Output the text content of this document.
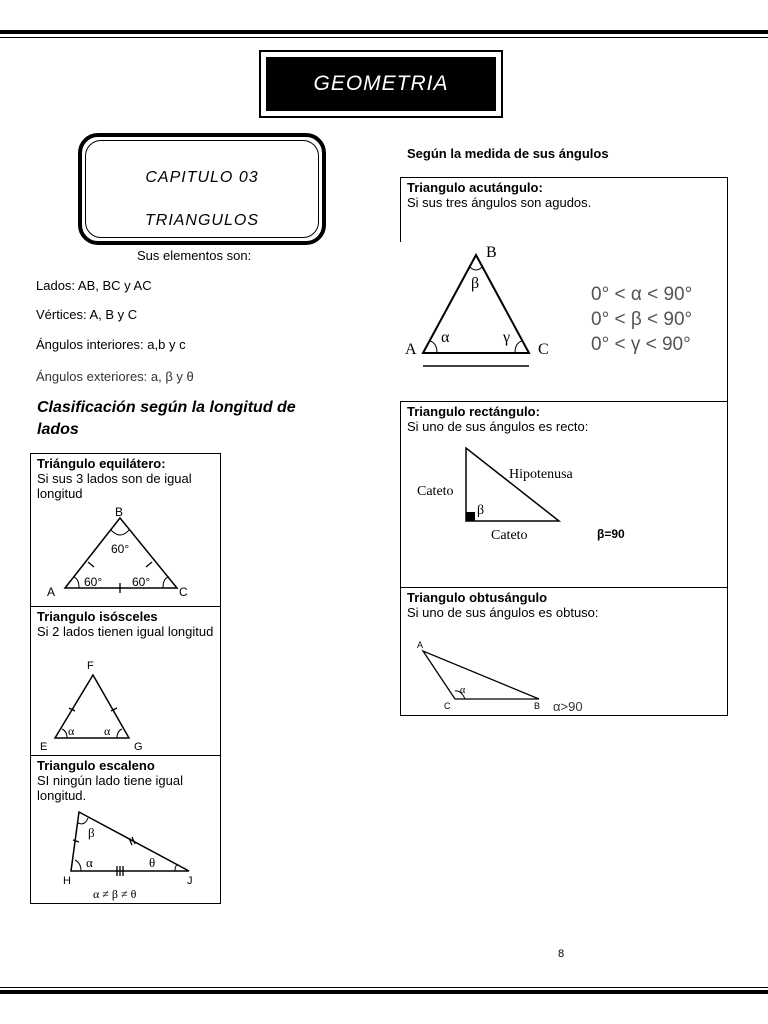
GEOMETRIA
CAPITULO 03
TRIANGULOS
Sus elementos son:
Lados: AB, BC y AC
Vértices: A, B y C
Ángulos interiores: a,b y c
Ángulos exteriores: a, β y θ
Clasificación según la longitud de lados
Triángulo equilátero:
Si sus 3 lados son de igual longitud
B
A	C
60°
60° 60°
Triangulo isósceles
Si 2 lados tienen igual longitud
F
E	G
α α
Triangulo escaleno
SI ningún lado tiene igual longitud.
H	J
β
α	θ
α ≠ β ≠ θ
Según la medida de sus ángulos
Triangulo acutángulo:
Si sus tres ángulos son agudos.
B
A	C
β
α	γ
0° < α < 90°
0° < β < 90°
0° < γ < 90°
Triangulo rectángulo:
Si uno de sus ángulos es recto:
Hipotenusa
Cateto
Cateto
β
β=90
Triangulo obtusángulo
Si uno de sus ángulos es obtuso:
A
C	B
α
α>90
8
